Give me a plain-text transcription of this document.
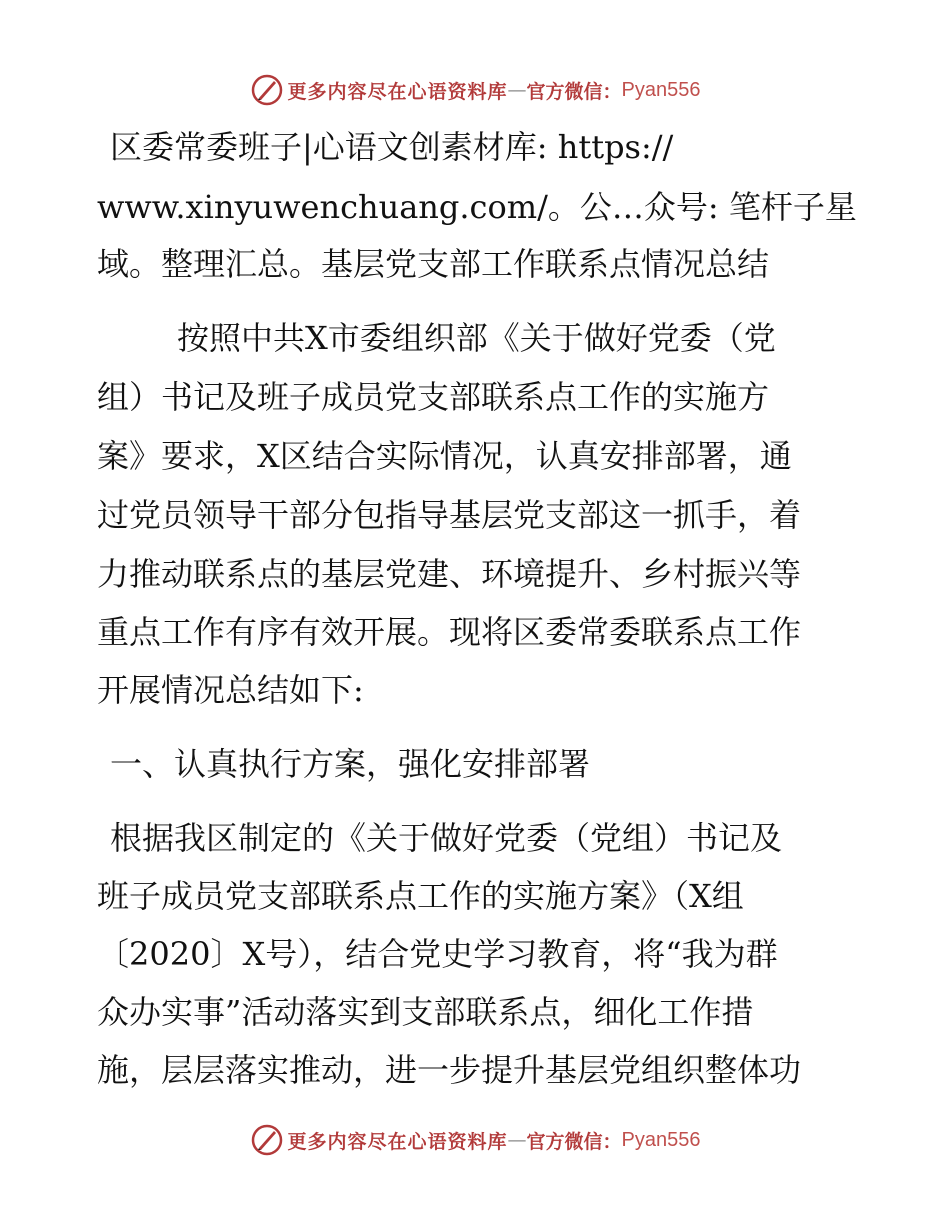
更多内容尽在心语资料库 — 官方微信： Pyan556

区委常委班子|心语文创素材库: https://

www.xinyuwenchuang.com/。公…众号: 笔杆子星

域。整理汇总。基层党支部工作联系点情况总结

按照中共X市委组织部《关于做好党委（党

组）书记及班子成员党支部联系点工作的实施方

案》要求，X区结合实际情况，认真安排部署，通

过党员领导干部分包指导基层党支部这一抓手，着

力推动联系点的基层党建、环境提升、乡村振兴等

重点工作有序有效开展。现将区委常委联系点工作

开展情况总结如下:

一、认真执行方案，强化安排部署

根据我区制定的《关于做好党委（党组）书记及

班子成员党支部联系点工作的实施方案》（X组

〔2020〕X号），结合党史学习教育，将“我为群

众办实事”活动落实到支部联系点，细化工作措

施，层层落实推动，进一步提升基层党组织整体功

更多内容尽在心语资料库 — 官方微信： Pyan556
